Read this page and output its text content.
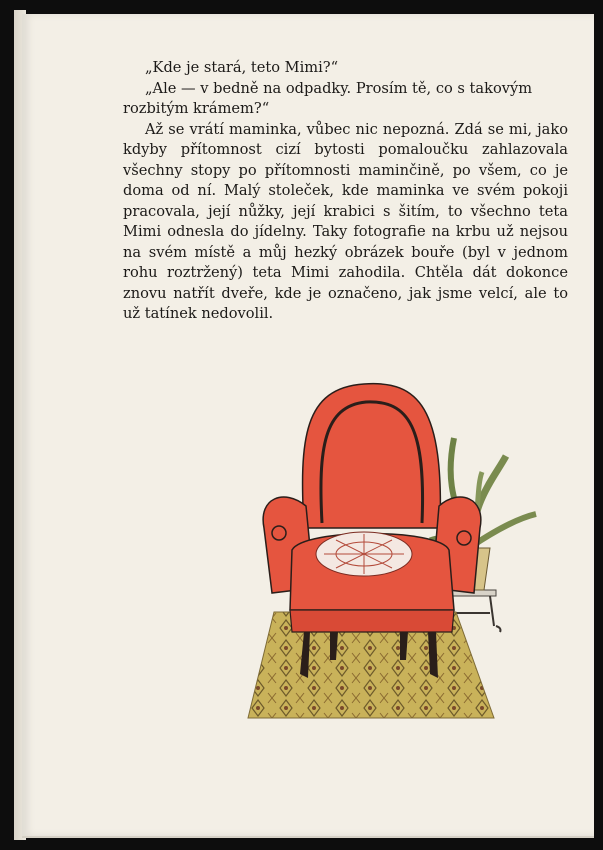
„Kde je stará, teto Mimi?“

„Ale — v bedně na odpadky. Prosím tě, co s takovým rozbitým krámem?“

Až se vrátí maminka, vůbec nic nepozná. Zdá se mi, jako kdyby přítomnost cizí bytosti pomaloučku zahlazovala všechny stopy po přítomnosti maminčině, po všem, co je doma od ní. Malý stoleček, kde maminka ve svém pokoji pracovala, její nůžky, její krabici s šitím, to všechno teta Mimi odnesla do jídelny. Taky fotografie na krbu už nejsou na svém místě a můj hezký obrázek bouře (byl v jednom rohu roztržený) teta Mimi zahodila. Chtěla dát dokonce znovu natřít dveře, kde je označeno, jak jsme velcí, ale to už tatínek nedovolil.
